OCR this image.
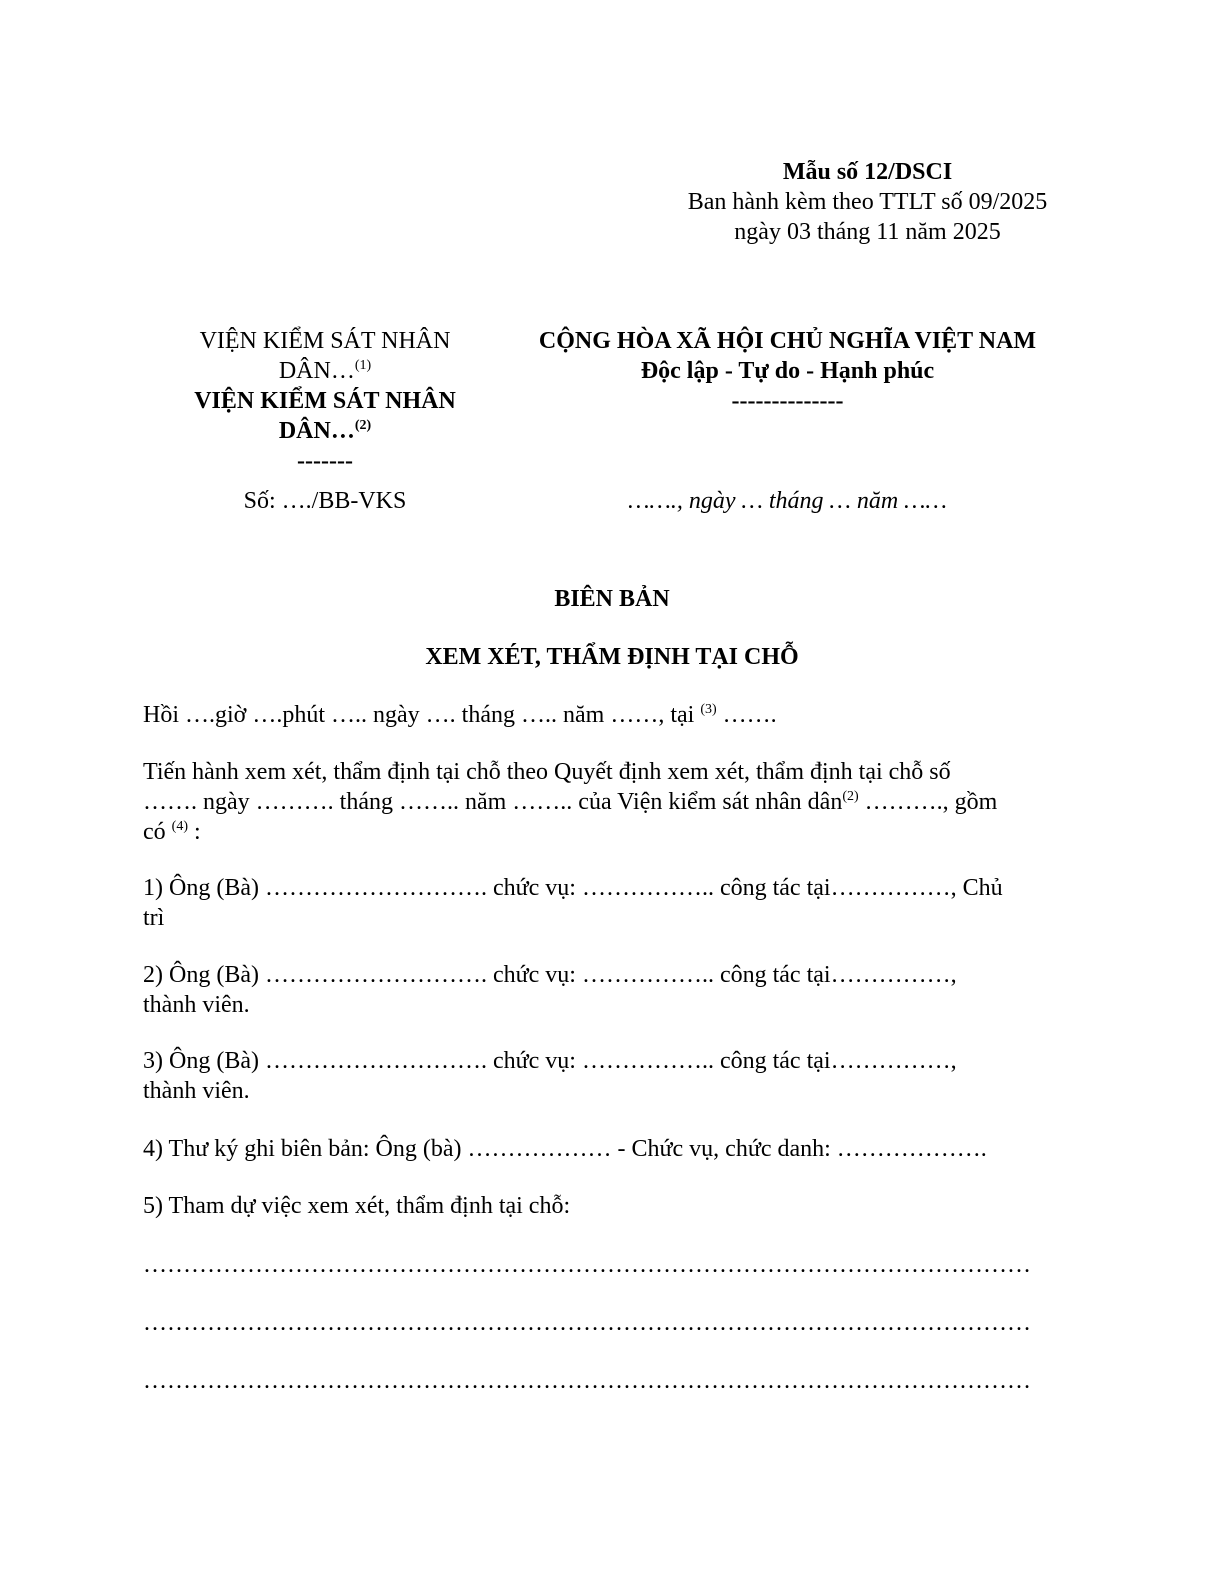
Mẫu số 12/DSCI
Ban hành kèm theo TTLT số 09/2025
ngày 03 tháng 11 năm 2025
VIỆN KIỂM SÁT NHÂN
DÂN…$^{(1)}$
VIỆN KIỂM SÁT NHÂN
DÂN…$^{(2)}$
-------
CỘNG HÒA XÃ HỘI CHỦ NGHĨA VIỆT NAM
Độc lập - Tự do - Hạnh phúc
--------------
Số: …./BB-VKS	……., ngày … tháng … năm ……
BIÊN BẢN
XEM XÉT, THẨM ĐỊNH TẠI CHỖ
Hồi ….giờ ….phút ….. ngày …. tháng ….. năm ……, tại $^{(3)}$ …….
Tiến hành xem xét, thẩm định tại chỗ theo Quyết định xem xét, thẩm định tại chỗ số
……. ngày ………. tháng …….. năm …….. của Viện kiểm sát nhân dân$^{(2)}$ ………., gồm
có $^{(4)}$ :
1) Ông (Bà) ………………………. chức vụ: …………….. công tác tại……………, Chủ
trì
2) Ông (Bà) ………………………. chức vụ: …………….. công tác tại……………,
thành viên.
3) Ông (Bà) ………………………. chức vụ: …………….. công tác tại……………,
thành viên.
4) Thư ký ghi biên bản: Ông (bà) ……………… - Chức vụ, chức danh: ……………….
5) Tham dự việc xem xét, thẩm định tại chỗ:
…………………………………………………………………………………………………
…………………………………………………………………………………………………
…………………………………………………………………………………………………
